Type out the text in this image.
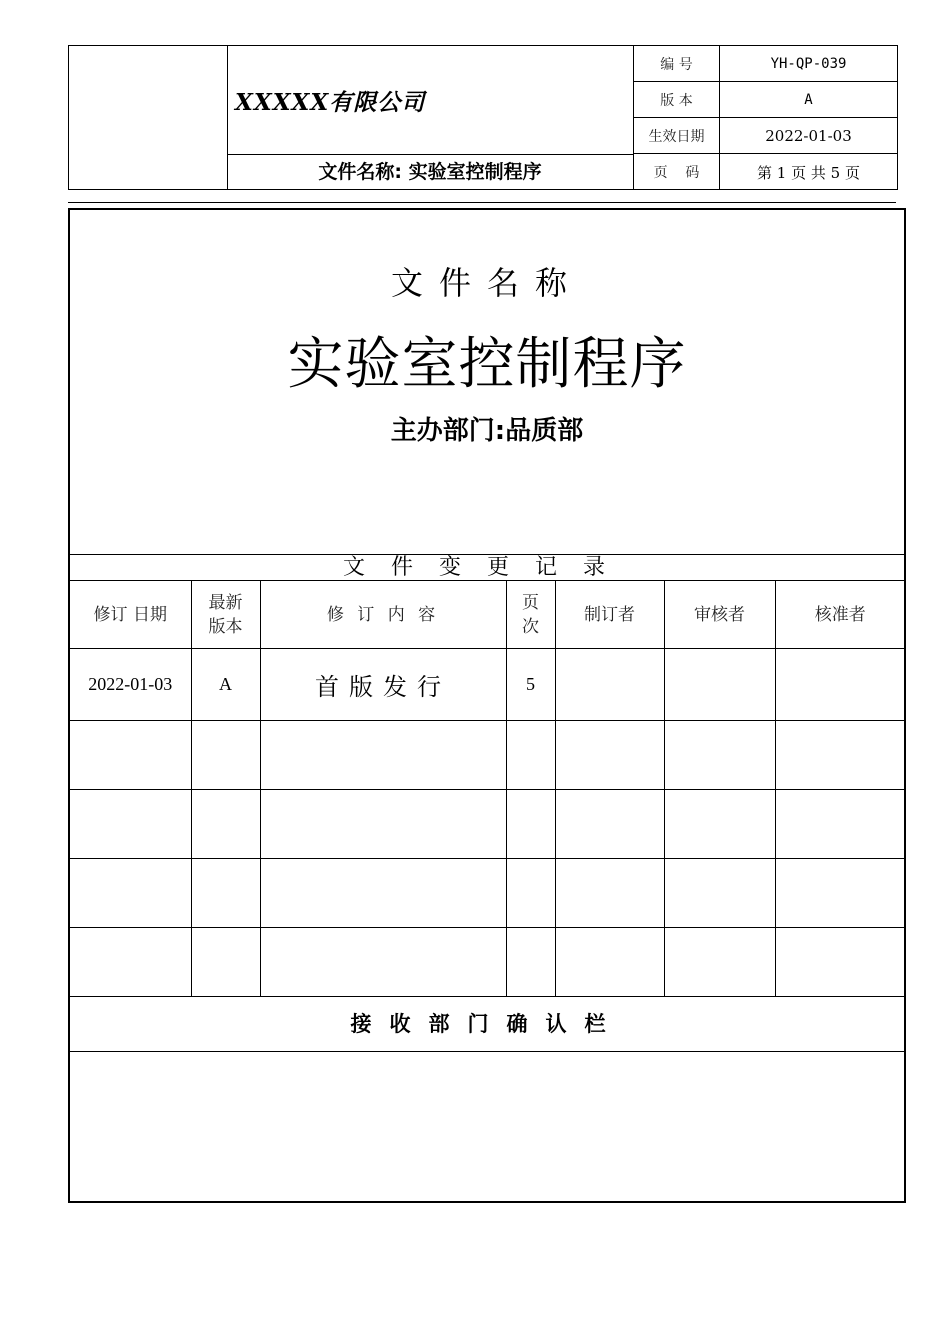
XXXXX有限公司
文件名称: 实验室控制程序
编 号	YH-QP-039
版 本	A
生效日期	2022-01-03
页    码	第 1 页 共 5 页
文件名称
实验室控制程序
主办部门:品质部
文件变更记录
修订 日期	最新版本	修 订 内 容	页次	制订者	审核者	核准者
2022-01-03	A	首版发行	5			

接收部门确认栏
